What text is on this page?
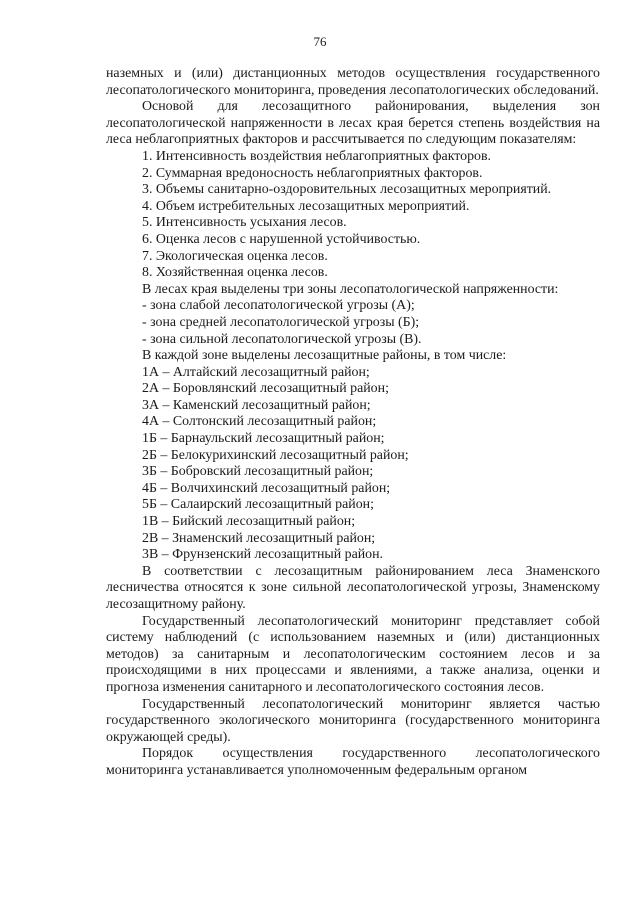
76

наземных и (или) дистанционных методов осуществления государственного лесопатологического мониторинга, проведения лесопатологических обследований.

Основой для лесозащитного районирования, выделения зон лесопатологической напряженности в лесах края берется степень воздействия на леса неблагоприятных факторов и рассчитывается по следующим показателям:

1. Интенсивность воздействия неблагоприятных факторов.

2. Суммарная вредоносность неблагоприятных факторов.

3. Объемы санитарно-оздоровительных лесозащитных мероприятий.

4. Объем истребительных лесозащитных мероприятий.

5. Интенсивность усыхания лесов.

6. Оценка лесов с нарушенной устойчивостью.

7. Экологическая оценка лесов.

8. Хозяйственная оценка лесов.

В лесах края выделены три зоны лесопатологической напряженности:

- зона слабой лесопатологической угрозы (А);

- зона средней лесопатологической угрозы (Б);

- зона сильной лесопатологической угрозы (В).

В каждой зоне выделены лесозащитные районы, в том числе:

1А – Алтайский лесозащитный район;

2А – Боровлянский лесозащитный район;

3А – Каменский лесозащитный район;

4А – Солтонский лесозащитный район;

1Б – Барнаульский лесозащитный район;

2Б – Белокурихинский лесозащитный район;

3Б – Бобровский лесозащитный район;

4Б – Волчихинский лесозащитный район;

5Б – Салаирский лесозащитный район;

1В – Бийский лесозащитный район;

2В – Знаменский лесозащитный район;

3В – Фрунзенский лесозащитный район.

В соответствии с лесозащитным районированием леса Знаменского лесничества относятся к зоне сильной лесопатологической угрозы, Знаменскому лесозащитному району.

Государственный лесопатологический мониторинг представляет собой систему наблюдений (с использованием наземных и (или) дистанционных методов) за санитарным и лесопатологическим состоянием лесов и за происходящими в них процессами и явлениями, а также анализа, оценки и прогноза изменения санитарного и лесопатологического состояния лесов.

Государственный лесопатологический мониторинг является частью государственного экологического мониторинга (государственного мониторинга окружающей среды).

Порядок осуществления государственного лесопатологического мониторинга устанавливается уполномоченным федеральным органом
